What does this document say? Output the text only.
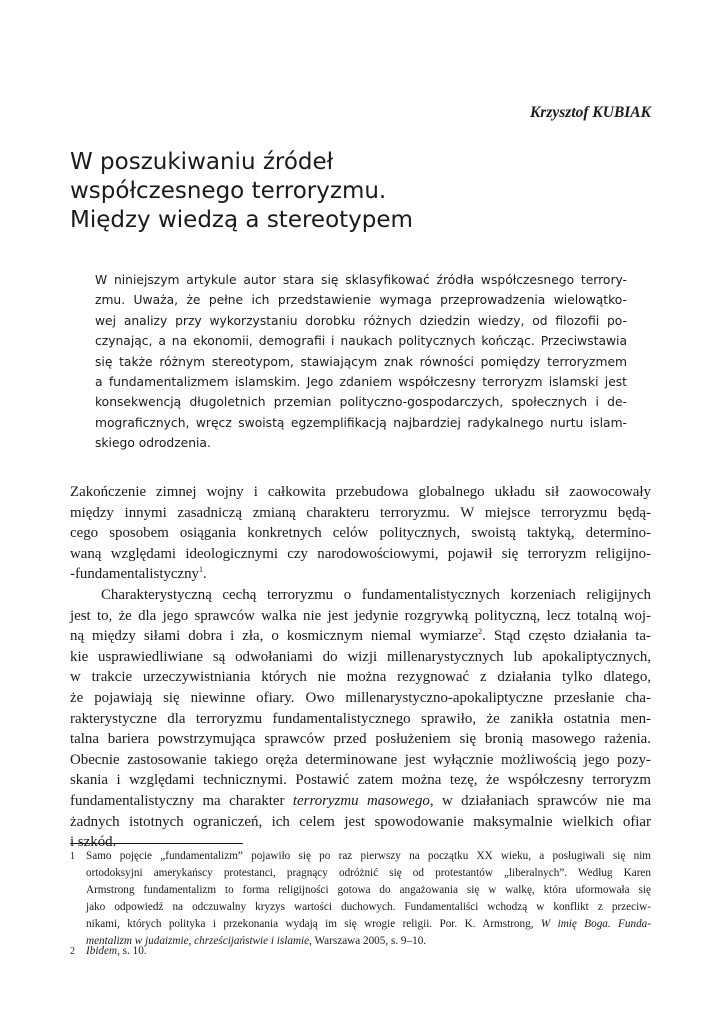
Krzysztof KUBIAK
W poszukiwaniu źródeł
współczesnego terroryzmu.
Między wiedzą a stereotypem
W niniejszym artykule autor stara się sklasyfikować źródła współczesnego terrory-
zmu. Uważa, że pełne ich przedstawienie wymaga przeprowadzenia wielowątko-
wej analizy przy wykorzystaniu dorobku różnych dziedzin wiedzy, od filozofii po-
czynając, a na ekonomii, demografii i naukach politycznych kończąc. Przeciwstawia
się także różnym stereotypom, stawiającym znak równości pomiędzy terroryzmem
a fundamentalizmem islamskim. Jego zdaniem współczesny terroryzm islamski jest
konsekwencją długoletnich przemian polityczno-gospodarczych, społecznych i de-
mograficznych, wręcz swoistą egzemplifikacją najbardziej radykalnego nurtu islam-
skiego odrodzenia.
Zakończenie zimnej wojny i całkowita przebudowa globalnego układu sił zaowocowały
między innymi zasadniczą zmianą charakteru terroryzmu. W miejsce terroryzmu będą-
cego sposobem osiągania konkretnych celów politycznych, swoistą taktyką, determino-
waną względami ideologicznymi czy narodowościowymi, pojawił się terroryzm religijno-
-fundamentalistyczny$^1$.
Charakterystyczną cechą terroryzmu o fundamentalistycznych korzeniach religijnych
jest to, że dla jego sprawców walka nie jest jedynie rozgrywką polityczną, lecz totalną woj-
ną między siłami dobra i zła, o kosmicznym niemal wymiarze$^2$. Stąd często działania ta-
kie usprawiedliwiane są odwołaniami do wizji millenarystycznych lub apokaliptycznych,
w trakcie urzeczywistniania których nie można rezygnować z działania tylko dlatego,
że pojawiają się niewinne ofiary. Owo millenarystyczno-apokaliptyczne przesłanie cha-
rakterystyczne dla terroryzmu fundamentalistycznego sprawiło, że zanikła ostatnia men-
talna bariera powstrzymująca sprawców przed posłużeniem się bronią masowego rażenia.
Obecnie zastosowanie takiego oręża determinowane jest wyłącznie możliwością jego pozy-
skania i względami technicznymi. Postawić zatem można tezę, że współczesny terroryzm
fundamentalistyczny ma charakter terroryzmu masowego, w działaniach sprawców nie ma
żadnych istotnych ograniczeń, ich celem jest spowodowanie maksymalnie wielkich ofiar
i szkód.
1 Samo pojęcie „fundamentalizm” pojawiło się po raz pierwszy na początku XX wieku, a posługiwali się nim
ortodoksyjni amerykańscy protestanci, pragnący odróżnić się od protestantów „liberalnych”. Według Karen
Armstrong fundamentalizm to forma religijności gotowa do angażowania się w walkę, która uformowała się
jako odpowiedź na odczuwalny kryzys wartości duchowych. Fundamentaliści wchodzą w konflikt z przeciw-
nikami, których polityka i przekonania wydają im się wrogie religii. Por. K. Armstrong, W imię Boga. Funda-
mentalizm w judaizmie, chrześcijaństwie i islamie, Warszawa 2005, s. 9–10.
2 Ibidem, s. 10.
